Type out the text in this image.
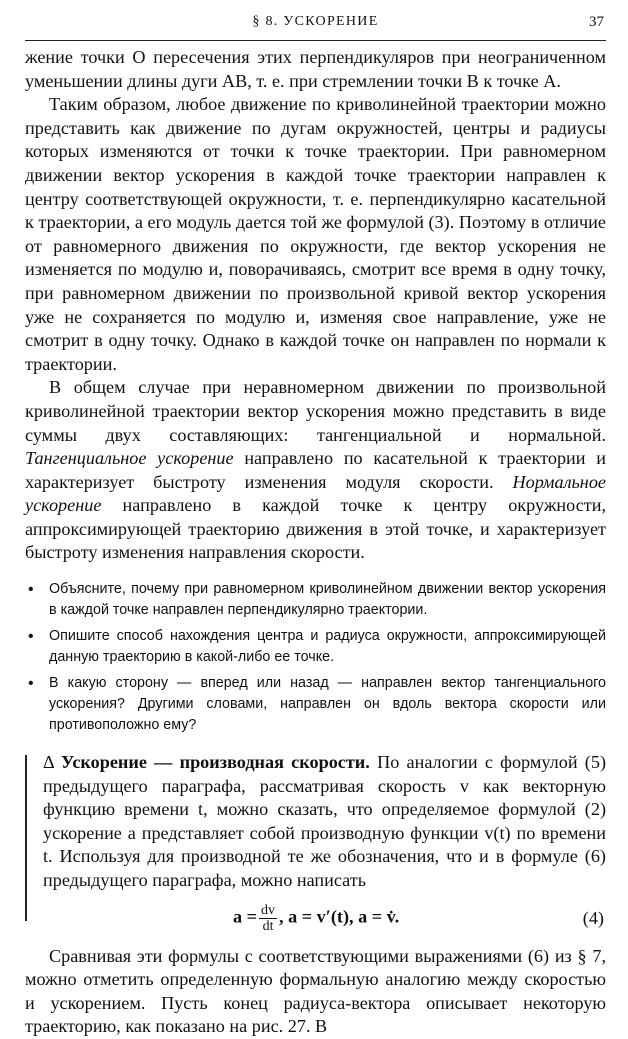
§ 8. УСКОРЕНИЕ	37

жение точки O пересечения этих перпендикуляров при неограниченном уменьшении длины дуги AB, т. е. при стремлении точки B к точке A.

Таким образом, любое движение по криволинейной траектории можно представить как движение по дугам окружностей, центры и радиусы которых изменяются от точки к точке траектории. При равномерном движении вектор ускорения в каждой точке траектории направлен к центру соответствующей окружности, т. е. перпендикулярно касательной к траектории, а его модуль дается той же формулой (3). Поэтому в отличие от равномерного движения по окружности, где вектор ускорения не изменяется по модулю и, поворачиваясь, смотрит все время в одну точку, при равномерном движении по произвольной кривой вектор ускорения уже не сохраняется по модулю и, изменяя свое направление, уже не смотрит в одну точку. Однако в каждой точке он направлен по нормали к траектории.

В общем случае при неравномерном движении по произвольной криволинейной траектории вектор ускорения можно представить в виде суммы двух составляющих: тангенциальной и нормальной. Тангенциальное ускорение направлено по касательной к траектории и характеризует быстроту изменения модуля скорости. Нормальное ускорение направлено в каждой точке к центру окружности, аппроксимирующей траекторию движения в этой точке, и характеризует быстроту изменения направления скорости.

• Объясните, почему при равномерном криволинейном движении вектор ускорения в каждой точке направлен перпендикулярно траектории.
• Опишите способ нахождения центра и радиуса окружности, аппроксимирующей данную траекторию в какой-либо ее точке.
• В какую сторону — вперед или назад — направлен вектор тангенциального ускорения? Другими словами, направлен он вдоль вектора скорости или противоположно ему?

Δ Ускорение — производная скорости. По аналогии с формулой (5) предыдущего параграфа, рассматривая скорость v как векторную функцию времени t, можно сказать, что определяемое формулой (2) ускорение a представляет собой производную функции v(t) по времени t. Используя для производной те же обозначения, что и в формуле (6) предыдущего параграфа, можно написать

$a = \frac{dv}{dt}$ , a = v′(t), a = v̇.	(4)

Сравнивая эти формулы с соответствующими выражениями (6) из § 7, можно отметить определенную формальную аналогию между скоростью и ускорением. Пусть конец радиуса-вектора описывает некоторую траекторию, как показано на рис. 27. В
